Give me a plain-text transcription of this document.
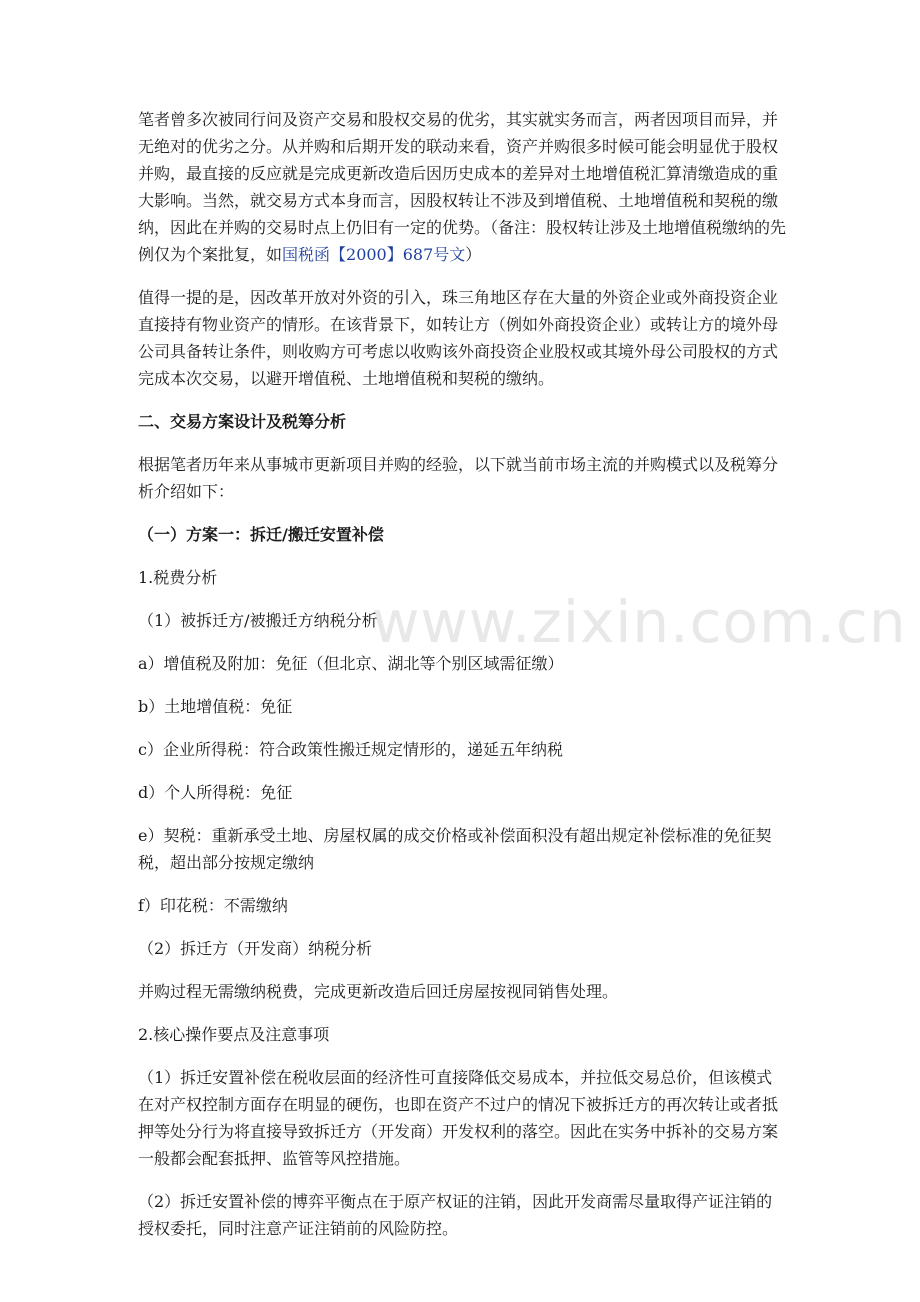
笔者曾多次被同行问及资产交易和股权交易的优劣，其实就实务而言，两者因项目而异，并无绝对的优劣之分。从并购和后期开发的联动来看，资产并购很多时候可能会明显优于股权并购，最直接的反应就是完成更新改造后因历史成本的差异对土地增值税汇算清缴造成的重大影响。当然，就交易方式本身而言，因股权转让不涉及到增值税、土地增值税和契税的缴纳，因此在并购的交易时点上仍旧有一定的优势。（备注：股权转让涉及土地增值税缴纳的先例仅为个案批复，如国税函【2000】687号文）

值得一提的是，因改革开放对外资的引入，珠三角地区存在大量的外资企业或外商投资企业直接持有物业资产的情形。在该背景下，如转让方（例如外商投资企业）或转让方的境外母公司具备转让条件，则收购方可考虑以收购该外商投资企业股权或其境外母公司股权的方式完成本次交易，以避开增值税、土地增值税和契税的缴纳。

二、交易方案设计及税筹分析

根据笔者历年来从事城市更新项目并购的经验，以下就当前市场主流的并购模式以及税筹分析介绍如下：

（一）方案一：拆迁/搬迁安置补偿

1.税费分析

（1）被拆迁方/被搬迁方纳税分析

a）增值税及附加：免征（但北京、湖北等个别区域需征缴）

b）土地增值税：免征

c）企业所得税：符合政策性搬迁规定情形的，递延五年纳税

d）个人所得税：免征

e）契税：重新承受土地、房屋权属的成交价格或补偿面积没有超出规定补偿标准的免征契税，超出部分按规定缴纳

f）印花税：不需缴纳

（2）拆迁方（开发商）纳税分析

并购过程无需缴纳税费，完成更新改造后回迁房屋按视同销售处理。

2.核心操作要点及注意事项

（1）拆迁安置补偿在税收层面的经济性可直接降低交易成本，并拉低交易总价，但该模式在对产权控制方面存在明显的硬伤，也即在资产不过户的情况下被拆迁方的再次转让或者抵押等处分行为将直接导致拆迁方（开发商）开发权利的落空。因此在实务中拆补的交易方案一般都会配套抵押、监管等风控措施。

（2）拆迁安置补偿的博弈平衡点在于原产权证的注销，因此开发商需尽量取得产证注销的授权委托，同时注意产证注销前的风险防控。

www.zixin.com.cn
